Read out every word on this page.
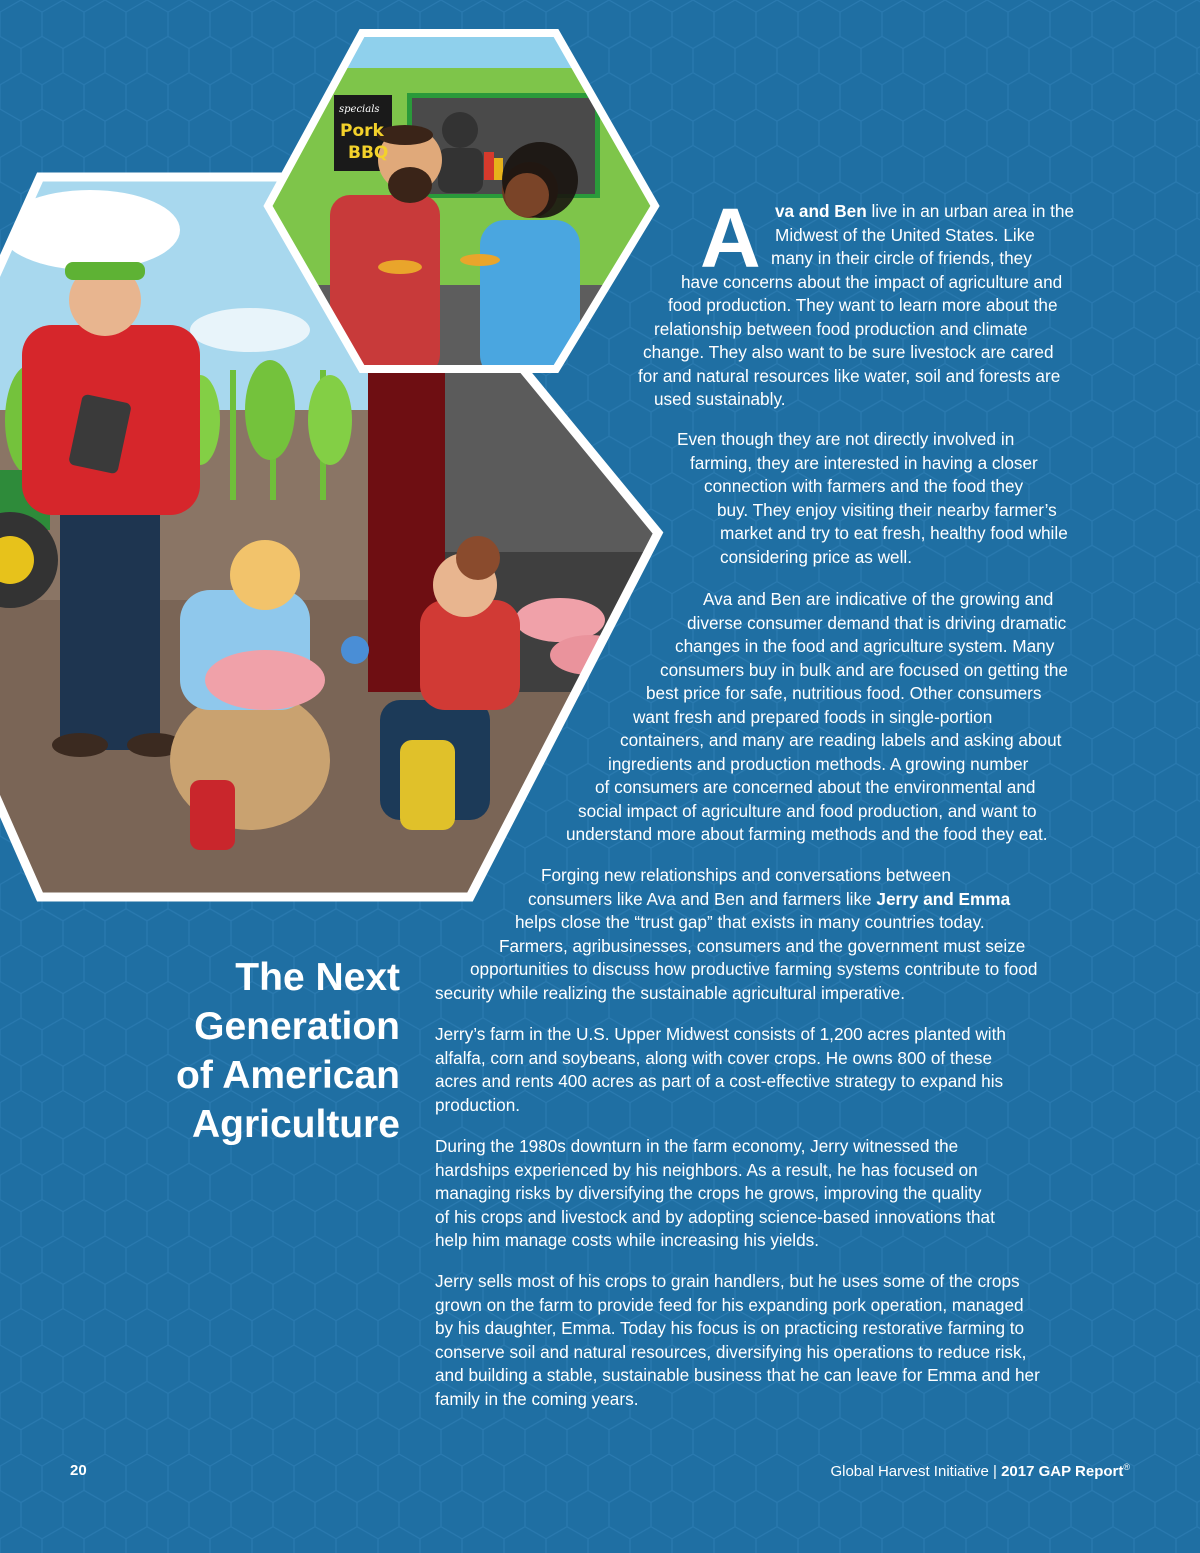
specials
Pork
BBQ
A va and Ben live in an urban area in the
Midwest of the United States. Like
many in their circle of friends, they
have concerns about the impact of agriculture and
food production. They want to learn more about the
relationship between food production and climate
change. They also want to be sure livestock are cared
for and natural resources like water, soil and forests are
used sustainably.
Even though they are not directly involved in
farming, they are interested in having a closer
connection with farmers and the food they
buy. They enjoy visiting their nearby farmer’s
market and try to eat fresh, healthy food while
considering price as well.
Ava and Ben are indicative of the growing and
diverse consumer demand that is driving dramatic
changes in the food and agriculture system. Many
consumers buy in bulk and are focused on getting the
best price for safe, nutritious food. Other consumers
want fresh and prepared foods in single-portion
containers, and many are reading labels and asking about
ingredients and production methods. A growing number
of consumers are concerned about the environmental and
social impact of agriculture and food production, and want to
understand more about farming methods and the food they eat.
Forging new relationships and conversations between
consumers like Ava and Ben and farmers like Jerry and Emma
helps close the “trust gap” that exists in many countries today.
Farmers, agribusinesses, consumers and the government must seize
opportunities to discuss how productive farming systems contribute to food
security while realizing the sustainable agricultural imperative.
Jerry’s farm in the U.S. Upper Midwest consists of 1,200 acres planted with
alfalfa, corn and soybeans, along with cover crops. He owns 800 of these
acres and rents 400 acres as part of a cost-effective strategy to expand his
production.
During the 1980s downturn in the farm economy, Jerry witnessed the
hardships experienced by his neighbors. As a result, he has focused on
managing risks by diversifying the crops he grows, improving the quality
of his crops and livestock and by adopting science-based innovations that
help him manage costs while increasing his yields.
Jerry sells most of his crops to grain handlers, but he uses some of the crops
grown on the farm to provide feed for his expanding pork operation, managed
by his daughter, Emma. Today his focus is on practicing restorative farming to
conserve soil and natural resources, diversifying his operations to reduce risk,
and building a stable, sustainable business that he can leave for Emma and her
family in the coming years.
The Next
Generation
of American
Agriculture
20	Global Harvest Initiative | 2017 GAP Report®
